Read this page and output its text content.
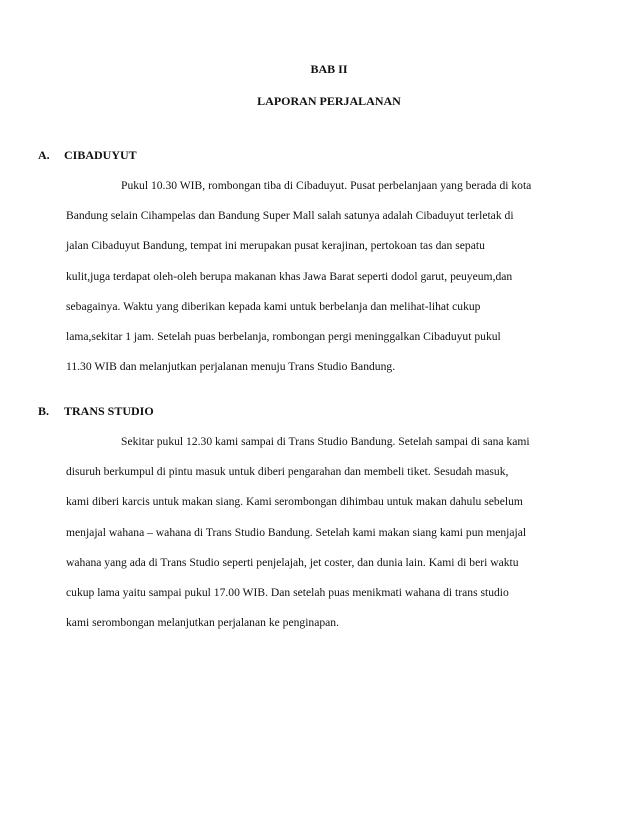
BAB II
LAPORAN PERJALANAN
A. CIBADUYUT

Pukul 10.30 WIB, rombongan tiba di Cibaduyut. Pusat perbelanjaan yang berada di kota
Bandung selain Cihampelas dan Bandung Super Mall salah satunya adalah Cibaduyut terletak di
jalan Cibaduyut Bandung, tempat ini merupakan pusat kerajinan, pertokoan tas dan sepatu
kulit,juga terdapat oleh-oleh berupa makanan khas Jawa Barat seperti dodol garut, peuyeum,dan
sebagainya. Waktu yang diberikan kepada kami untuk berbelanja dan melihat-lihat cukup
lama,sekitar 1 jam. Setelah puas berbelanja, rombongan pergi meninggalkan Cibaduyut pukul
11.30 WIB dan melanjutkan perjalanan menuju Trans Studio Bandung.

B. TRANS STUDIO

Sekitar pukul 12.30 kami sampai di Trans Studio Bandung. Setelah sampai di sana kami
disuruh berkumpul di pintu masuk untuk diberi pengarahan dan membeli tiket. Sesudah masuk,
kami diberi karcis untuk makan siang. Kami serombongan dihimbau untuk makan dahulu sebelum
menjajal wahana – wahana di Trans Studio Bandung. Setelah kami makan siang kami pun menjajal
wahana yang ada di Trans Studio seperti penjelajah, jet coster, dan dunia lain. Kami di beri waktu
cukup lama yaitu sampai pukul 17.00 WIB. Dan setelah puas menikmati wahana di trans studio
kami serombongan melanjutkan perjalanan ke penginapan.
